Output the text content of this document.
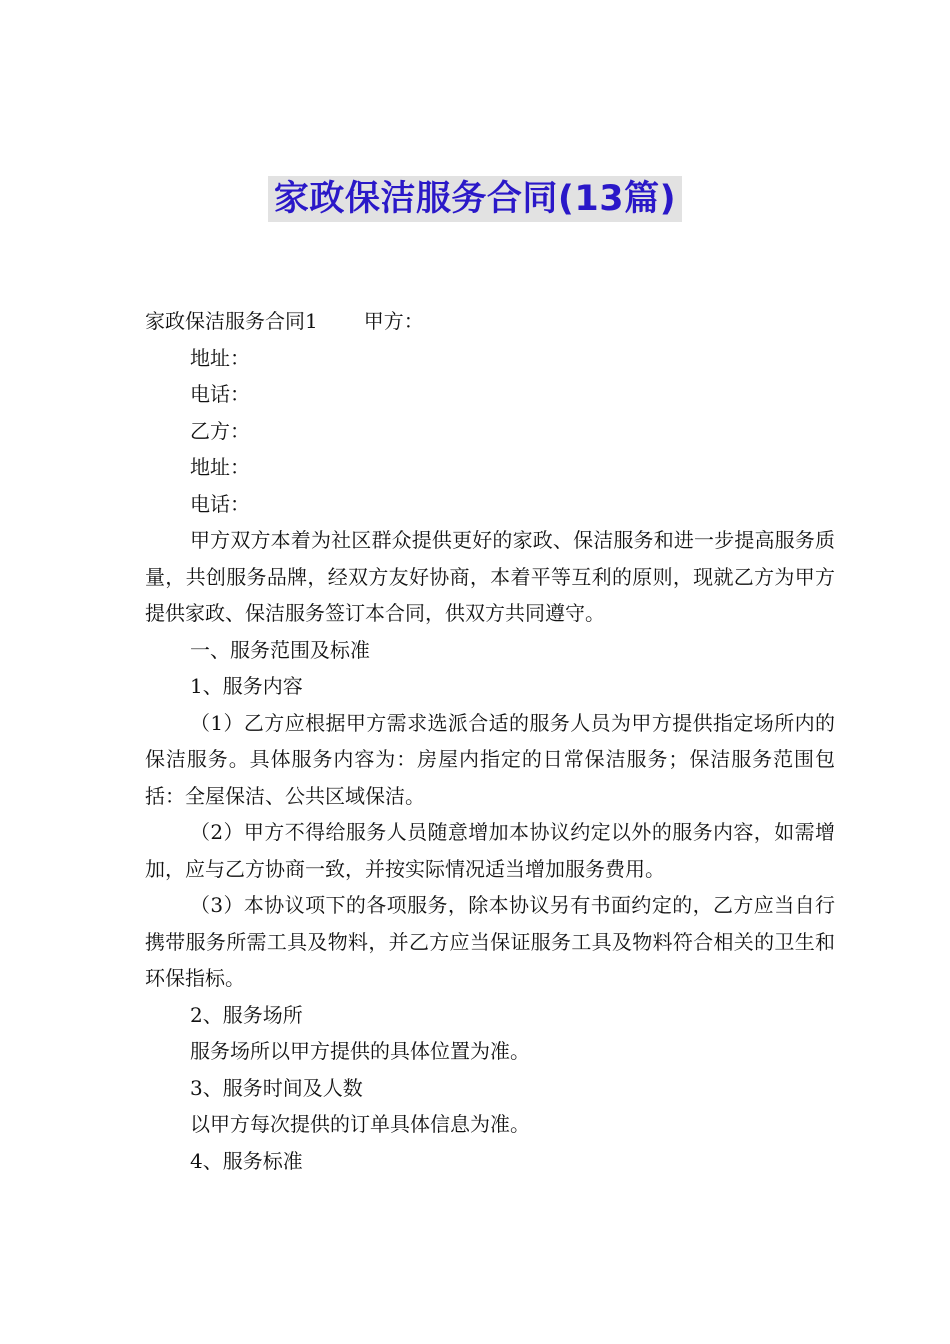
家政保洁服务合同(13篇)

家政保洁服务合同1 甲方：

地址：

电话：

乙方：

地址：

电话：

甲方双方本着为社区群众提供更好的家政、保洁服务和进一步提高服务质量，共创服务品牌，经双方友好协商，本着平等互利的原则，现就乙方为甲方提供家政、保洁服务签订本合同，供双方共同遵守。

一、服务范围及标准

1、服务内容

（1）乙方应根据甲方需求选派合适的服务人员为甲方提供指定场所内的保洁服务。具体服务内容为：房屋内指定的日常保洁服务；保洁服务范围包括：全屋保洁、公共区域保洁。

（2）甲方不得给服务人员随意增加本协议约定以外的服务内容，如需增加，应与乙方协商一致，并按实际情况适当增加服务费用。

（3）本协议项下的各项服务，除本协议另有书面约定的，乙方应当自行携带服务所需工具及物料，并乙方应当保证服务工具及物料符合相关的卫生和环保指标。

2、服务场所

服务场所以甲方提供的具体位置为准。

3、服务时间及人数

以甲方每次提供的订单具体信息为准。

4、服务标准
